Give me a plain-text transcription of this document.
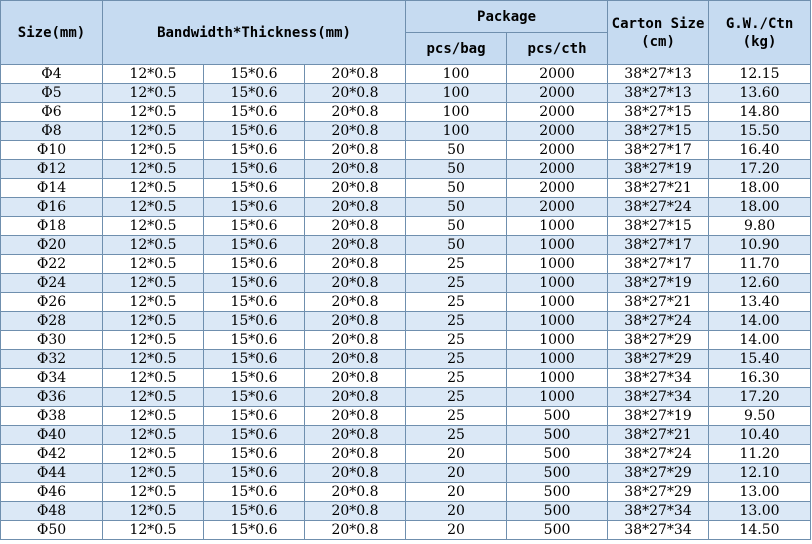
Size(mm)	Bandwidth*Thickness(mm)			Package		Carton Size (cm)	G.W./Ctn (kg)
				pcs/bag	pcs/cth		
Φ4	12*0.5	15*0.6	20*0.8	100	2000	38*27*13	12.15
Φ5	12*0.5	15*0.6	20*0.8	100	2000	38*27*13	13.60
Φ6	12*0.5	15*0.6	20*0.8	100	2000	38*27*15	14.80
Φ8	12*0.5	15*0.6	20*0.8	100	2000	38*27*15	15.50
Φ10	12*0.5	15*0.6	20*0.8	50	2000	38*27*17	16.40
Φ12	12*0.5	15*0.6	20*0.8	50	2000	38*27*19	17.20
Φ14	12*0.5	15*0.6	20*0.8	50	2000	38*27*21	18.00
Φ16	12*0.5	15*0.6	20*0.8	50	2000	38*27*24	18.00
Φ18	12*0.5	15*0.6	20*0.8	50	1000	38*27*15	9.80
Φ20	12*0.5	15*0.6	20*0.8	50	1000	38*27*17	10.90
Φ22	12*0.5	15*0.6	20*0.8	25	1000	38*27*17	11.70
Φ24	12*0.5	15*0.6	20*0.8	25	1000	38*27*19	12.60
Φ26	12*0.5	15*0.6	20*0.8	25	1000	38*27*21	13.40
Φ28	12*0.5	15*0.6	20*0.8	25	1000	38*27*24	14.00
Φ30	12*0.5	15*0.6	20*0.8	25	1000	38*27*29	14.00
Φ32	12*0.5	15*0.6	20*0.8	25	1000	38*27*29	15.40
Φ34	12*0.5	15*0.6	20*0.8	25	1000	38*27*34	16.30
Φ36	12*0.5	15*0.6	20*0.8	25	1000	38*27*34	17.20
Φ38	12*0.5	15*0.6	20*0.8	25	500	38*27*19	9.50
Φ40	12*0.5	15*0.6	20*0.8	25	500	38*27*21	10.40
Φ42	12*0.5	15*0.6	20*0.8	20	500	38*27*24	11.20
Φ44	12*0.5	15*0.6	20*0.8	20	500	38*27*29	12.10
Φ46	12*0.5	15*0.6	20*0.8	20	500	38*27*29	13.00
Φ48	12*0.5	15*0.6	20*0.8	20	500	38*27*34	13.00
Φ50	12*0.5	15*0.6	20*0.8	20	500	38*27*34	14.50
